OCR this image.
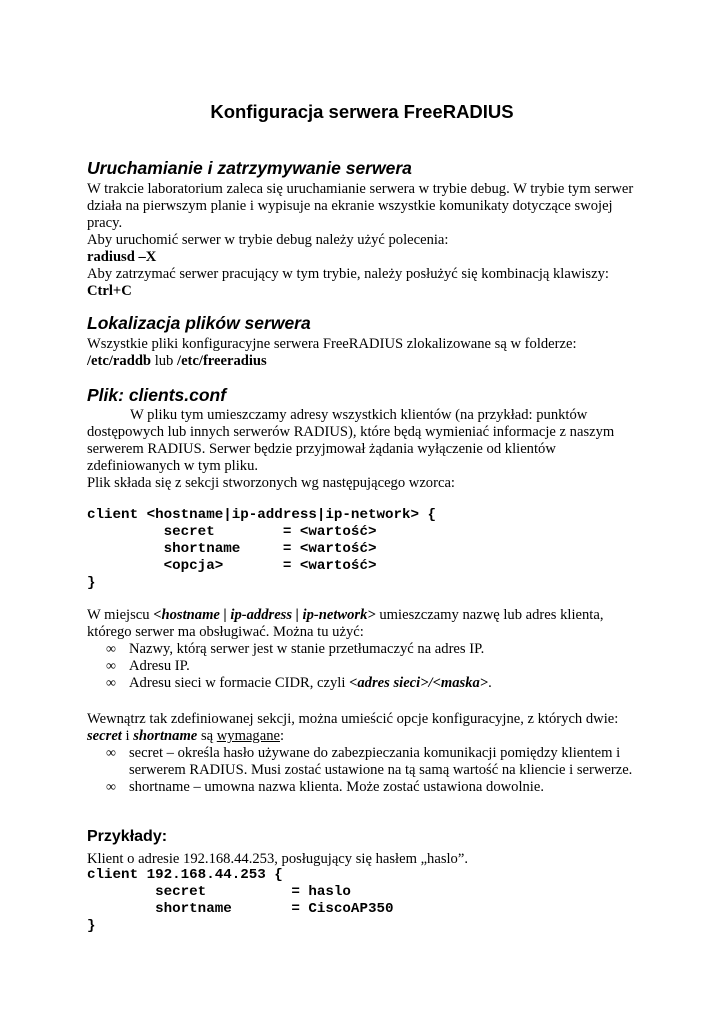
Konfiguracja serwera FreeRADIUS
Uruchamianie i zatrzymywanie serwera

W trakcie laboratorium zaleca się uruchamianie serwera w trybie debug. W trybie tym serwer działa na pierwszym planie i wypisuje na ekranie wszystkie komunikaty dotyczące swojej pracy.

Aby uruchomić serwer w trybie debug należy użyć polecenia:

radiusd –X

Aby zatrzymać serwer pracujący w tym trybie, należy posłużyć się kombinacją klawiszy:

Ctrl+C

Lokalizacja plików serwera

Wszystkie pliki konfiguracyjne serwera FreeRADIUS zlokalizowane są w folderze:

/etc/raddb lub /etc/freeradius

Plik: clients.conf

W pliku tym umieszczamy adresy wszystkich klientów (na przykład: punktów dostępowych lub innych serwerów RADIUS), które będą wymieniać informacje z naszym serwerem RADIUS. Serwer będzie przyjmował żądania wyłączenie od klientów zdefiniowanych w tym pliku.

Plik składa się z sekcji stworzonych wg następującego wzorca:

client <hostname|ip-address|ip-network> {
secret        = <wartość>
shortname     = <wartość>
<opcja>       = <wartość>
}

W miejscu <hostname | ip-address | ip-network> umieszczamy nazwę lub adres klienta, którego serwer ma obsługiwać. Można tu użyć:

∞ Nazwy, którą serwer jest w stanie przetłumaczyć na adres IP.
∞ Adresu IP.
∞ Adresu sieci w formacie CIDR, czyli <adres sieci>/<maska>.

Wewnątrz tak zdefiniowanej sekcji, można umieścić opcje konfiguracyjne, z których dwie: secret i shortname są wymagane:

∞ secret – określa hasło używane do zabezpieczania komunikacji pomiędzy klientem i serwerem RADIUS. Musi zostać ustawione na tą samą wartość na kliencie i serwerze.
∞ shortname – umowna nazwa klienta. Może zostać ustawiona dowolnie.
Przykłady:

Klient o adresie 192.168.44.253, posługujący się hasłem „haslo”.

client 192.168.44.253 {
secret          = haslo
shortname       = CiscoAP350
}
